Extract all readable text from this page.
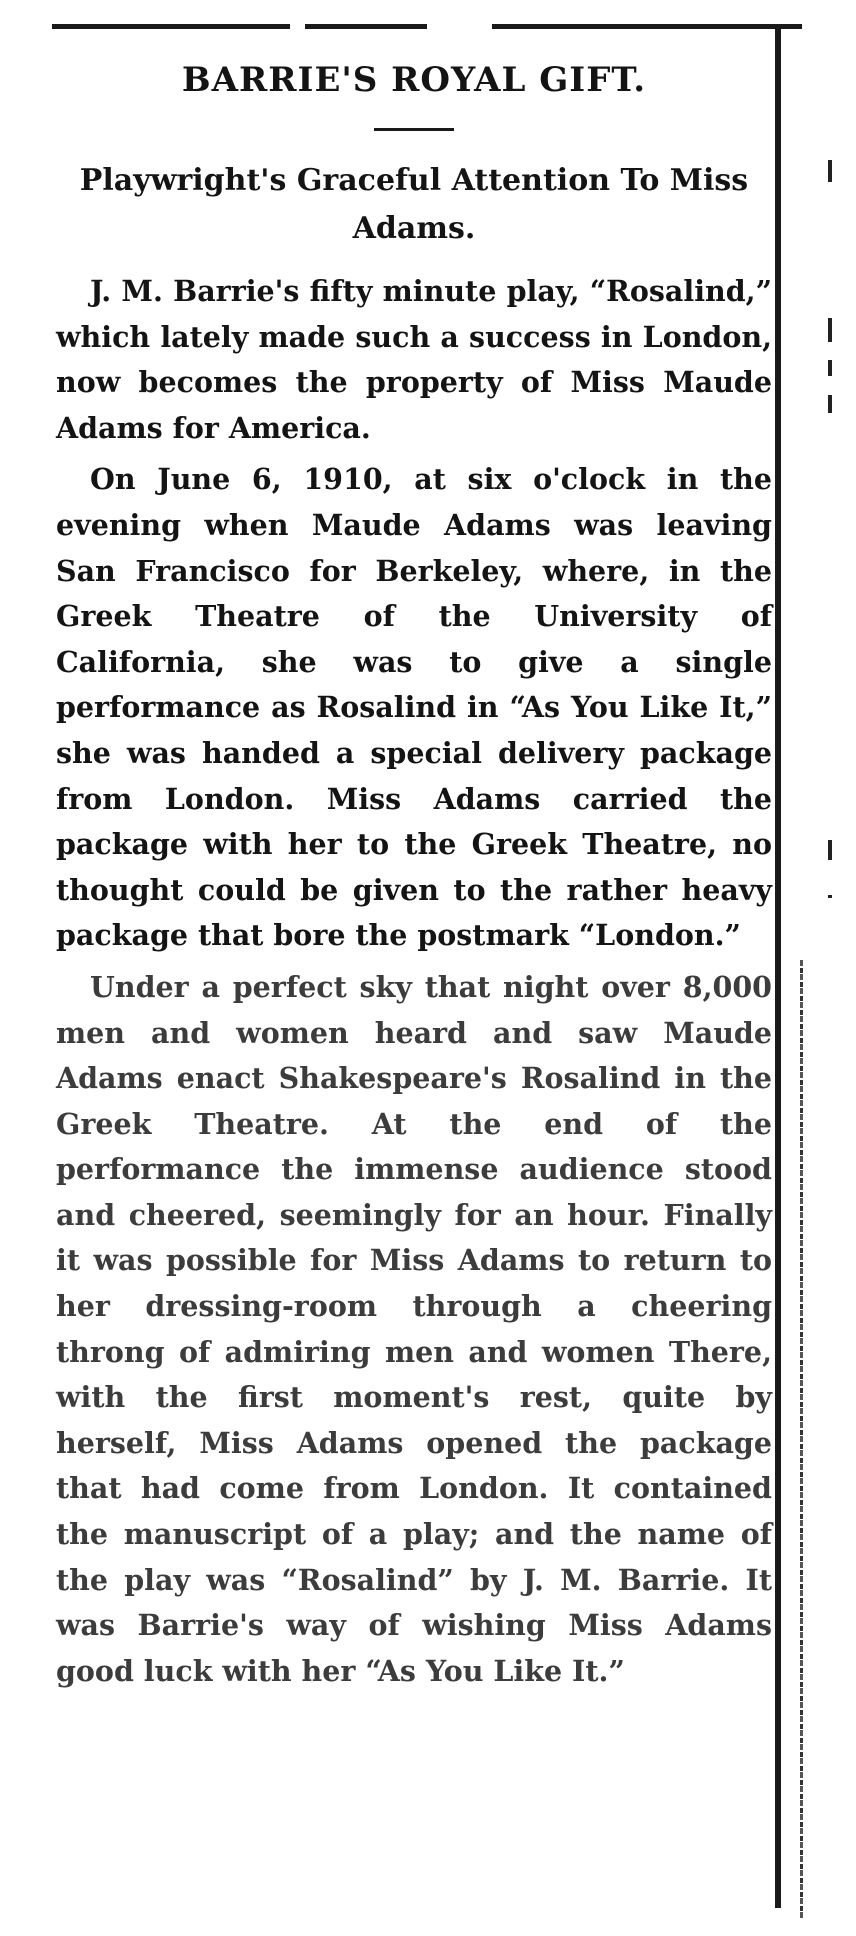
BARRIE'S ROYAL GIFT.
Playwright's Graceful Attention To Miss Adams.

J. M. Barrie's fifty minute play, “Rosalind,” which lately made such a success in London, now becomes the property of Miss Maude Adams for America.

On June 6, 1910, at six o'clock in the evening when Maude Adams was leaving San Francisco for Berkeley, where, in the Greek Theatre of the University of California, she was to give a single performance as Rosalind in “As You Like It,” she was handed a special delivery package from London. Miss Adams carried the package with her to the Greek Theatre, no thought could be given to the rather heavy package that bore the postmark “London.”

Under a perfect sky that night over 8,000 men and women heard and saw Maude Adams enact Shakespeare's Rosalind in the Greek Theatre. At the end of the performance the immense audience stood and cheered, seemingly for an hour. Finally it was possible for Miss Adams to return to her dressing-room through a cheering throng of admiring men and women There, with the first moment's rest, quite by herself, Miss Adams opened the package that had come from London. It contained the manuscript of a play; and the name of the play was “Rosalind” by J. M. Barrie. It was Barrie's way of wishing Miss Adams good luck with her “As You Like It.”
